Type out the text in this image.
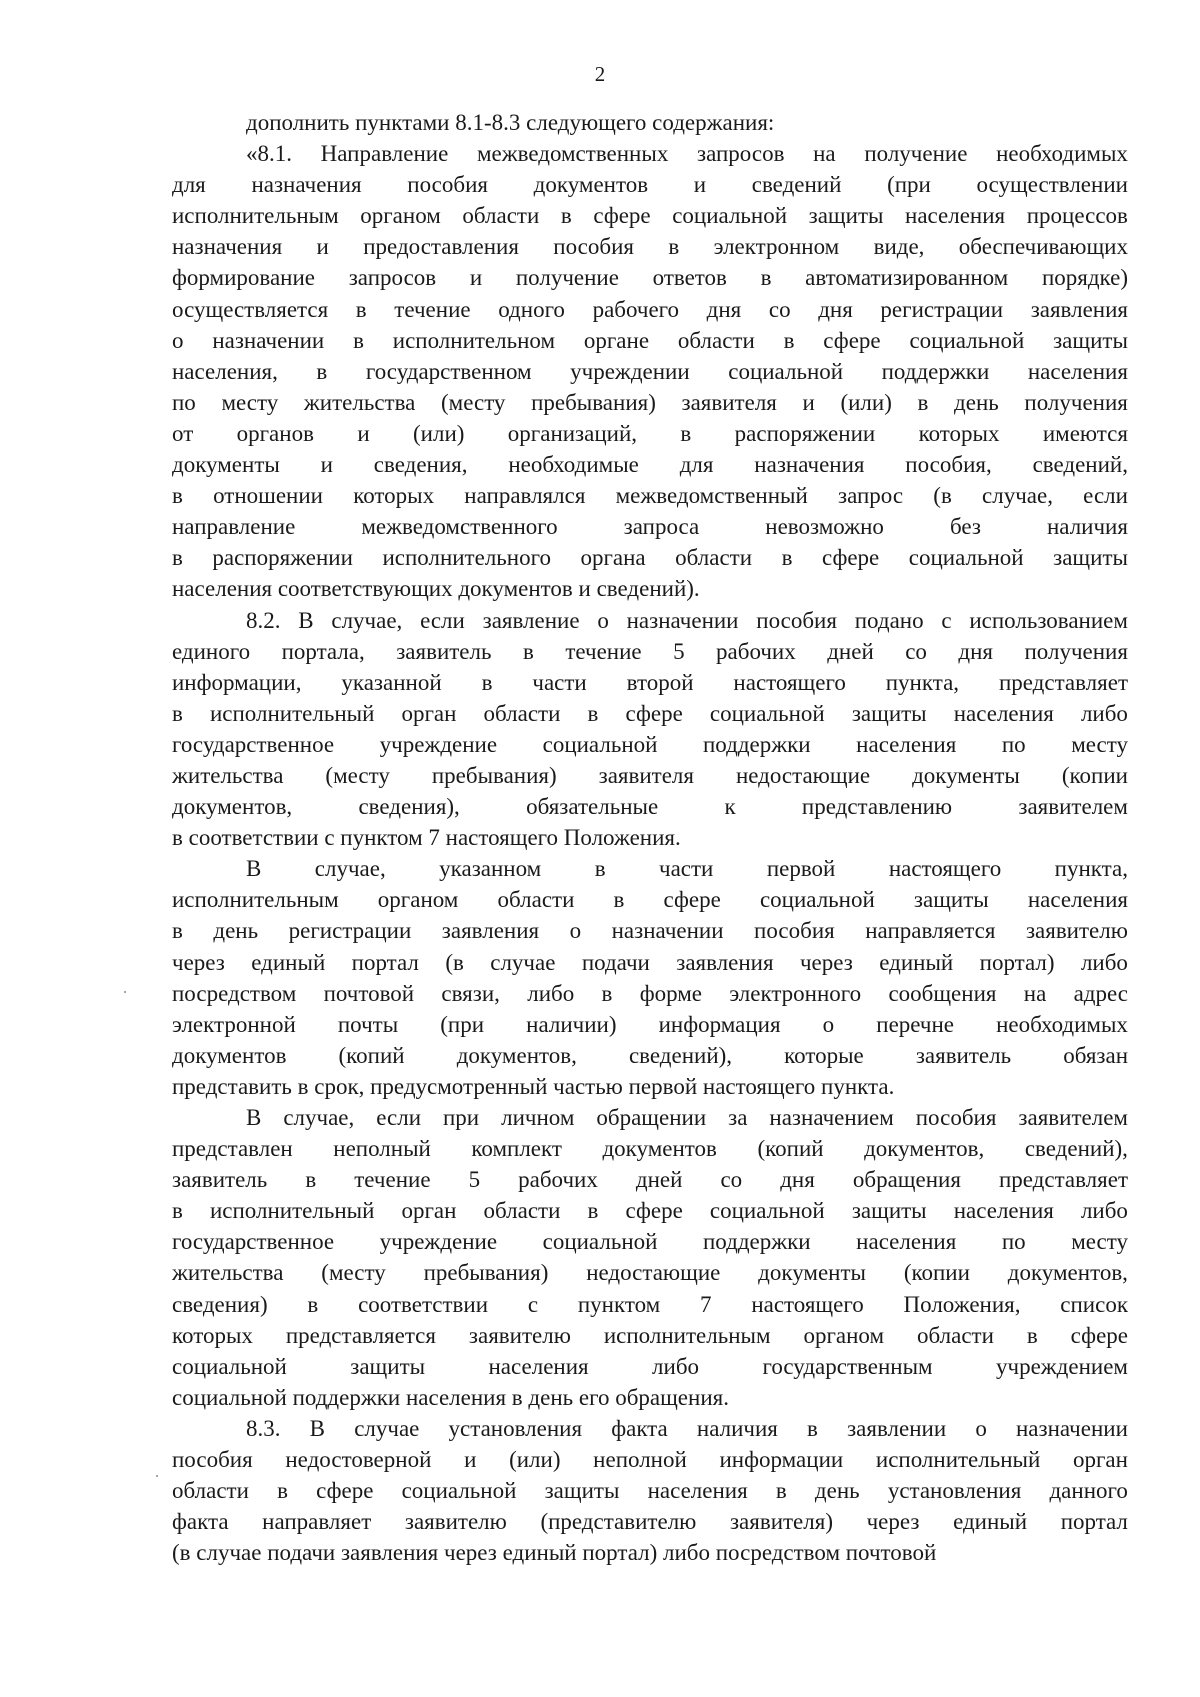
2
дополнить пунктами 8.1-8.3 следующего содержания:
«8.1. Направление межведомственных запросов на получение необходимых
для назначения пособия документов и сведений (при осуществлении
исполнительным органом области в сфере социальной защиты населения процессов
назначения и предоставления пособия в электронном виде, обеспечивающих
формирование запросов и получение ответов в автоматизированном порядке)
осуществляется в течение одного рабочего дня со дня регистрации заявления
о назначении в исполнительном органе области в сфере социальной защиты
населения, в государственном учреждении социальной поддержки населения
по месту жительства (месту пребывания) заявителя и (или) в день получения
от органов и (или) организаций, в распоряжении которых имеются
документы и сведения, необходимые для назначения пособия, сведений,
в отношении которых направлялся межведомственный запрос (в случае, если
направление	межведомственного	запроса	невозможно	без	наличия
в распоряжении исполнительного органа области в сфере социальной защиты
населения соответствующих документов и сведений).
8.2. В случае, если заявление о назначении пособия подано с использованием
единого портала, заявитель в течение 5 рабочих дней со дня получения
информации, указанной в части второй настоящего пункта, представляет
в исполнительный орган области в сфере социальной защиты населения либо
государственное учреждение социальной поддержки населения по месту
жительства (месту пребывания) заявителя недостающие документы (копии
документов,	сведения),	обязательные	к	представлению	заявителем
в соответствии с пунктом 7 настоящего Положения.
В случае, указанном в части первой настоящего пункта,
исполнительным органом области в сфере социальной защиты населения
в день регистрации заявления о назначении пособия направляется заявителю
через единый портал (в случае подачи заявления через единый портал) либо
посредством почтовой связи, либо в форме электронного сообщения на адрес
электронной почты (при наличии) информация о перечне необходимых
документов (копий документов, сведений), которые заявитель обязан
представить в срок, предусмотренный частью первой настоящего пункта.
В случае, если при личном обращении за назначением пособия заявителем
представлен неполный комплект документов (копий документов, сведений),
заявитель в течение 5 рабочих дней со дня обращения представляет
в исполнительный орган области в сфере социальной защиты населения либо
государственное учреждение социальной поддержки населения по месту
жительства (месту пребывания) недостающие документы (копии документов,
сведения) в соответствии с пунктом 7 настоящего Положения, список
которых представляется заявителю исполнительным органом области в сфере
социальной	защиты	населения	либо	государственным	учреждением
социальной поддержки населения в день его обращения.
8.3. В случае установления факта наличия в заявлении о назначении
пособия недостоверной и (или) неполной информации исполнительный орган
области в сфере социальной защиты населения в день установления данного
факта направляет заявителю (представителю заявителя) через единый портал
(в случае подачи заявления через единый портал) либо посредством почтовой
